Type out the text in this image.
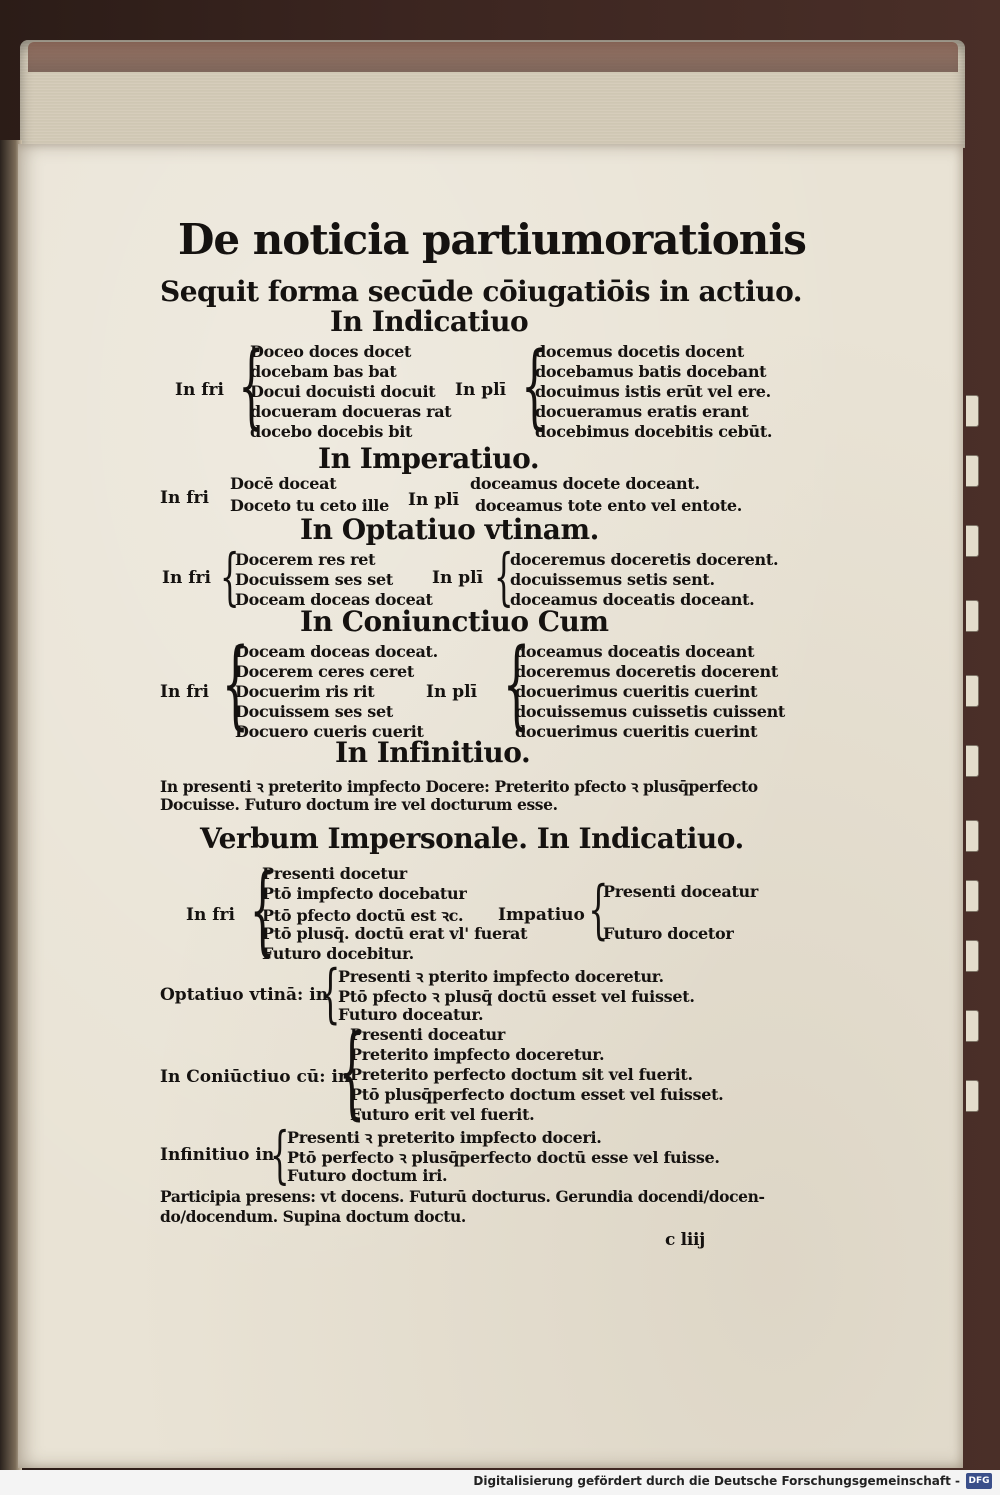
De noticia partiumorationis
Sequit forma secūde cōiugatiōis in actiuo.
In Indicatiuo
In fri {
Doceo doces docet
docebam bas bat
Docui docuisti docuit
docueram docueras rat
docebo docebis bit
In plī {
docemus docetis docent
docebamus batis docebant
docuimus istis erūt vel ere.
docueramus eratis erant
docebimus docebitis cebūt.
In Imperatiuo.
In fri
Docē doceat
Doceto tu ceto ille In plī
doceamus docete doceant.
doceamus tote ento vel entote.
In Optatiuo vtinam.
In fri {
Docerem res ret
Docuissem ses set
Doceam doceas doceat
In plī {
doceremus doceretis docerent.
docuissemus setis sent.
doceamus doceatis doceant.
In Coniunctiuo Cum
In fri {
Doceam doceas doceat.
Docerem ceres ceret
Docuerim ris rit
Docuissem ses set
Docuero cueris cuerit
In plī {
doceamus doceatis doceant
doceremus doceretis docerent
docuerimus cueritis cuerint
docuissemus cuissetis cuissent
docuerimus cueritis cuerint
In Infinitiuo.
In presenti ꝛ preterito impfecto Docere: Preterito pfecto ꝛ plusq̄perfecto
Docuisse. Futuro doctum ire vel docturum esse.
Verbum Impersonale. In Indicatiuo.
In fri {
Presenti docetur
Ptō impfecto docebatur
Ptō pfecto doctū est ꝛc.
Ptō plusq̄. doctū erat vl' fuerat
Futuro docebitur.
Impatiuo {
Presenti doceatur
Futuro docetor
Optatiuo vtinā: in
{
Presenti ꝛ pterito impfecto doceretur.
Ptō pfecto ꝛ plusq̄ doctū esset vel fuisset.
Futuro doceatur.
In Coniūctiuo cū: in
{
Presenti doceatur
Preterito impfecto doceretur.
Preterito perfecto doctum sit vel fuerit.
Ptō plusq̄perfecto doctum esset vel fuisset.
Futuro erit vel fuerit.
Infinitiuo in
{
Presenti ꝛ preterito impfecto doceri.
Ptō perfecto ꝛ plusq̄perfecto doctū esse vel fuisse.
Futuro doctum iri.
Participia presens: vt docens. Futurū docturus. Gerundia docendi/docen-
do/docendum. Supina doctum doctu.
c liij
Digitalisierung gefördert durch die Deutsche Forschungsgemeinschaft - DFG
